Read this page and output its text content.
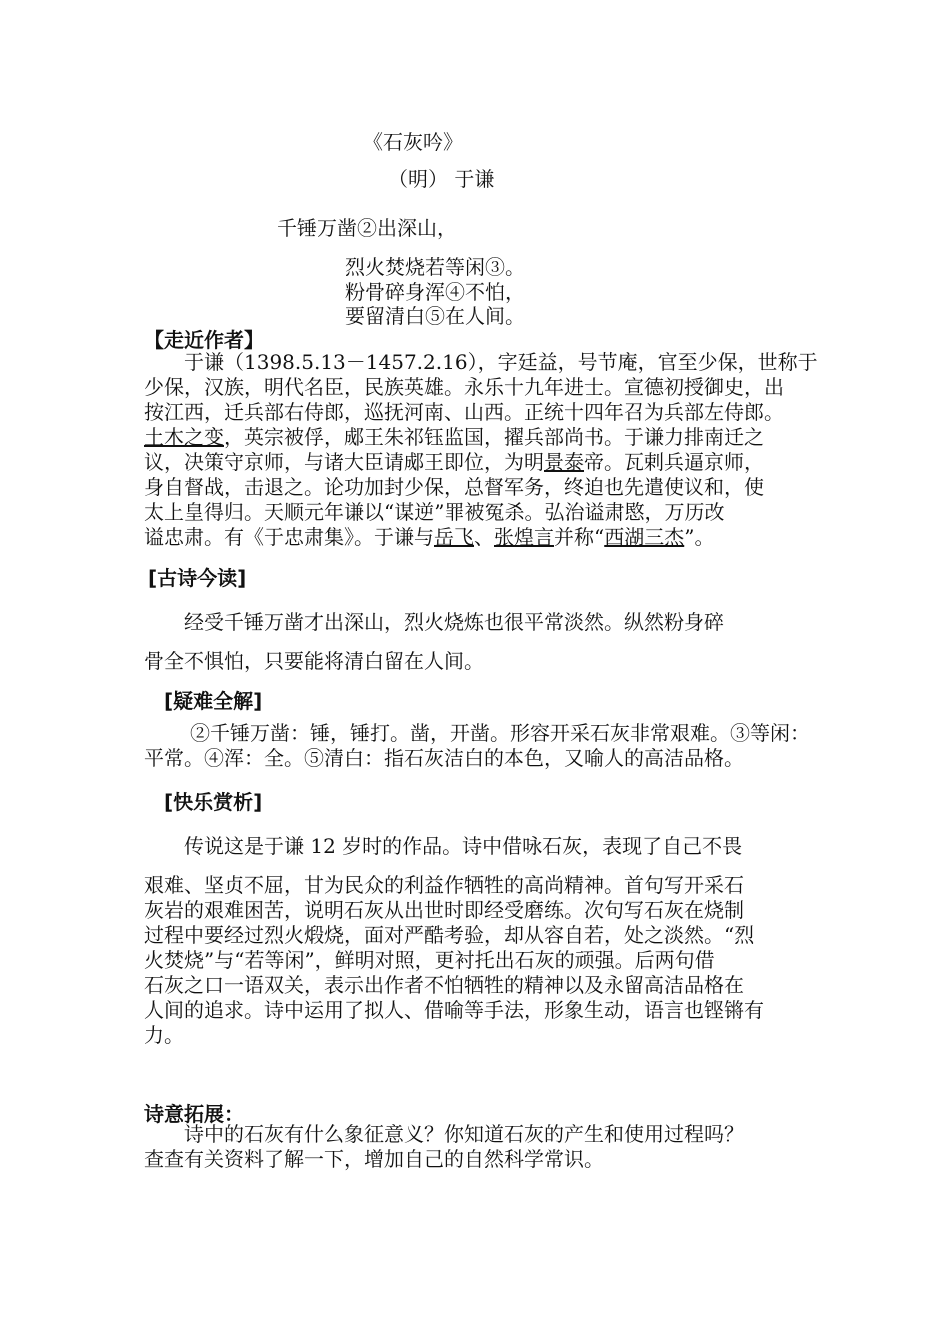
《石灰吟》
（明） 于谦
千锤万凿②出深山，
烈火焚烧若等闲③。
粉骨碎身浑④不怕，
要留清白⑤在人间。
【走近作者】
　　于谦（1398.5.13－1457.2.16），字廷益，号节庵，官至少保，世称于
少保，汉族，明代名臣，民族英雄。永乐十九年进士。宣德初授御史，出
按江西，迁兵部右侍郎，巡抚河南、山西。正统十四年召为兵部左侍郎。
土木之变，英宗被俘，郕王朱祁钰监国，擢兵部尚书。于谦力排南迁之
议，决策守京师，与诸大臣请郕王即位，为明景泰帝。瓦剌兵逼京师，
身自督战，击退之。论功加封少保，总督军务，终迫也先遣使议和，使
太上皇得归。天顺元年谦以“谋逆”罪被冤杀。弘治谥肃愍，万历改
谥忠肃。有《于忠肃集》。于谦与岳飞、张煌言并称“西湖三杰”。
[古诗今读]
　　经受千锤万凿才出深山，烈火烧炼也很平常淡然。纵然粉身碎
骨全不惧怕，只要能将清白留在人间。
[疑难全解]
　②千锤万凿：锤，锤打。凿，开凿。形容开采石灰非常艰难。③等闲：
平常。④浑：全。⑤清白：指石灰洁白的本色，又喻人的高洁品格。
[快乐赏析]
　　传说这是于谦 12 岁时的作品。诗中借咏石灰，表现了自己不畏
艰难、坚贞不屈，甘为民众的利益作牺牲的高尚精神。首句写开采石
灰岩的艰难困苦，说明石灰从出世时即经受磨练。次句写石灰在烧制
过程中要经过烈火煅烧，面对严酷考验，却从容自若，处之淡然。“烈
火焚烧”与“若等闲”，鲜明对照，更衬托出石灰的顽强。后两句借
石灰之口一语双关，表示出作者不怕牺牲的精神以及永留高洁品格在
人间的追求。诗中运用了拟人、借喻等手法，形象生动，语言也铿锵有
力。
诗意拓展：
　　诗中的石灰有什么象征意义？你知道石灰的产生和使用过程吗？
查查有关资料了解一下，增加自己的自然科学常识。
